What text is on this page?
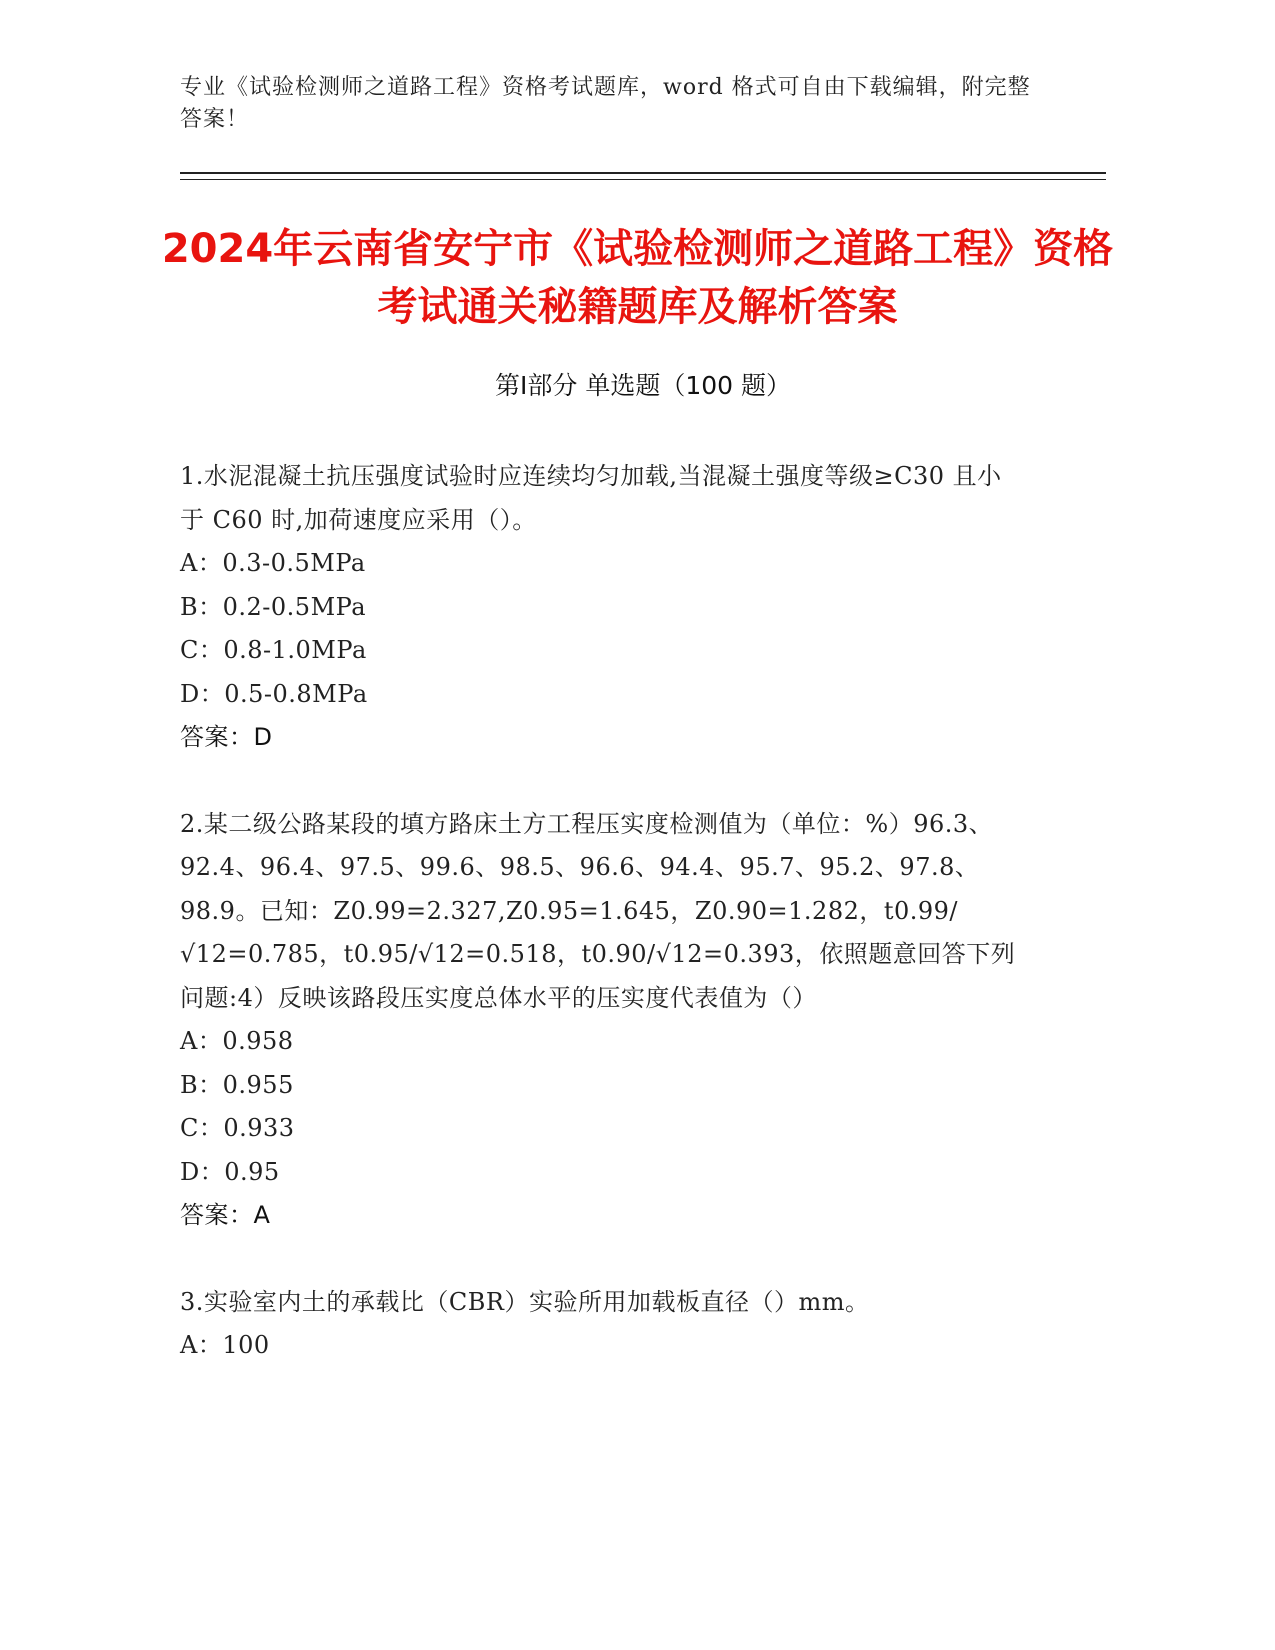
专业《试验检测师之道路工程》资格考试题库，word 格式可自由下载编辑，附完整答案！
2024年云南省安宁市《试验检测师之道路工程》资格考试通关秘籍题库及解析答案
第Ⅰ部分 单选题（100 题）
1.水泥混凝土抗压强度试验时应连续均匀加载,当混凝土强度等级≥C30 且小于 C60 时,加荷速度应采用（）。
A：0.3-0.5MPa
B：0.2-0.5MPa
C：0.8-1.0MPa
D：0.5-0.8MPa
答案：D
2.某二级公路某段的填方路床土方工程压实度检测值为（单位：%）96.3、92.4、96.4、97.5、99.6、98.5、96.6、94.4、95.7、95.2、97.8、98.9。已知：Z0.99=2.327,Z0.95=1.645，Z0.90=1.282，t0.99/√12=0.785，t0.95/√12=0.518，t0.90/√12=0.393，依照题意回答下列问题:4）反映该路段压实度总体水平的压实度代表值为（）
A：0.958
B：0.955
C：0.933
D：0.95
答案：A
3.实验室内土的承载比（CBR）实验所用加载板直径（）mm。
A：100
